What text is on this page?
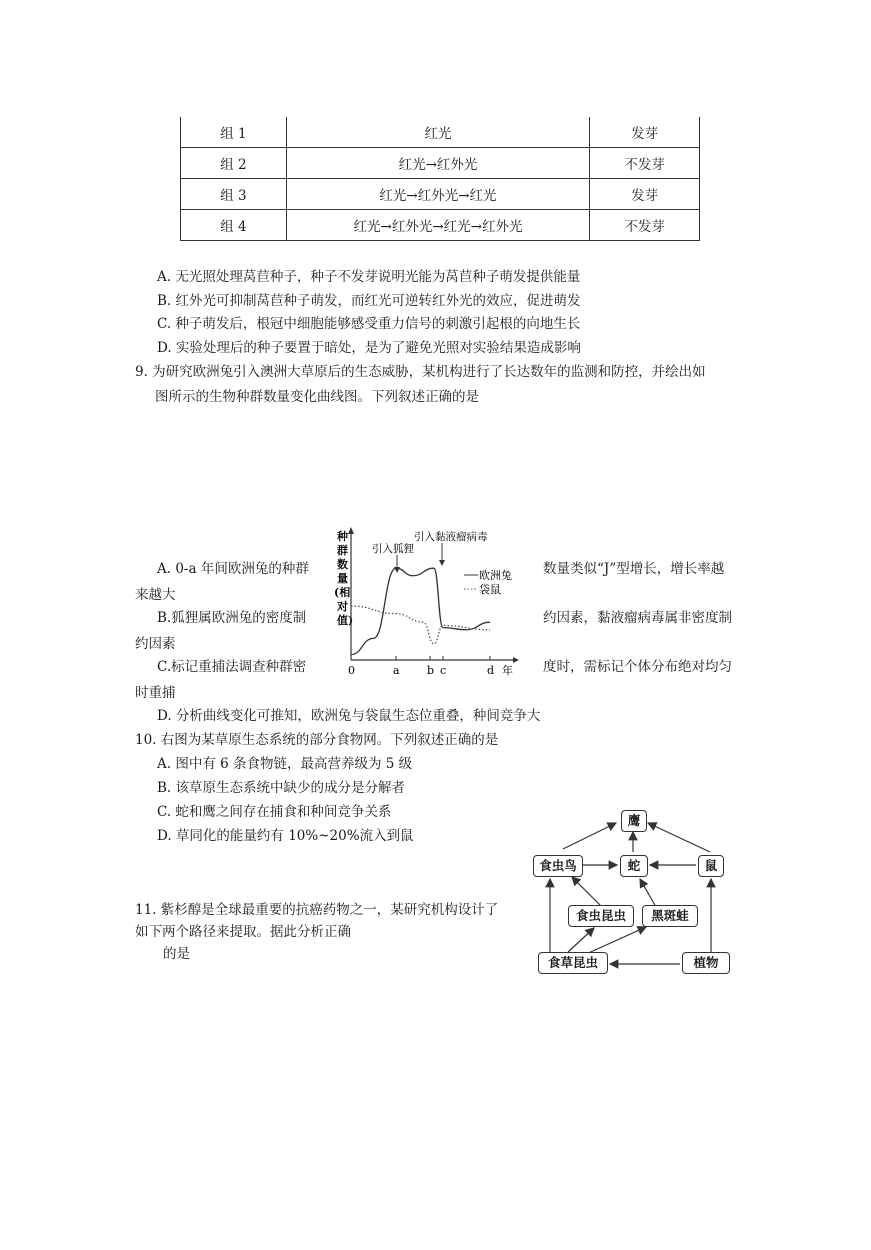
组 1	红光	发芽
组 2	红光→红外光	不发芽
组 3	红光→红外光→红光	发芽
组 4	红光→红外光→红光→红外光	不发芽
A. 无光照处理莴苣种子，种子不发芽说明光能为莴苣种子萌发提供能量
B. 红外光可抑制莴苣种子萌发，而红光可逆转红外光的效应，促进萌发
C. 种子萌发后，根冠中细胞能够感受重力信号的刺激引起根的向地生长
D. 实验处理后的种子要置于暗处，是为了避免光照对实验结果造成影响
9. 为研究欧洲兔引入澳洲大草原后的生态威胁，某机构进行了长达数年的监测和防控，并绘出如
图所示的生物种群数量变化曲线图。下列叙述正确的是
A. 0-a 年间欧洲兔的种群	数量类似“J”型增长，增长率越
来越大
B.狐狸属欧洲兔的密度制	约因素，黏液瘤病毒属非密度制
约因素
C.标记重捕法调查种群密	度时，需标记个体分布绝对均匀
时重捕
D. 分析曲线变化可推知，欧洲兔与袋鼠生态位重叠，种间竞争大
种
群
数
量
(相
对
值)
0	a b c	d
引入狐狸
引入黏液瘤病毒
欧洲兔
袋鼠
年
10. 右图为某草原生态系统的部分食物网。下列叙述正确的是
A. 图中有 6 条食物链，最高营养级为 5 级
B. 该草原生态系统中缺少的成分是分解者
C. 蛇和鹰之间存在捕食和种间竞争关系
D. 草同化的能量约有 10%~20%流入到鼠
11. 紫杉醇是全球最重要的抗癌药物之一，某研究机构设计了
如下两个路径来提取。据此分析正确
的是
鹰
食虫鸟	蛇	鼠
食虫昆虫	黑斑蛙
食草昆虫	植物
